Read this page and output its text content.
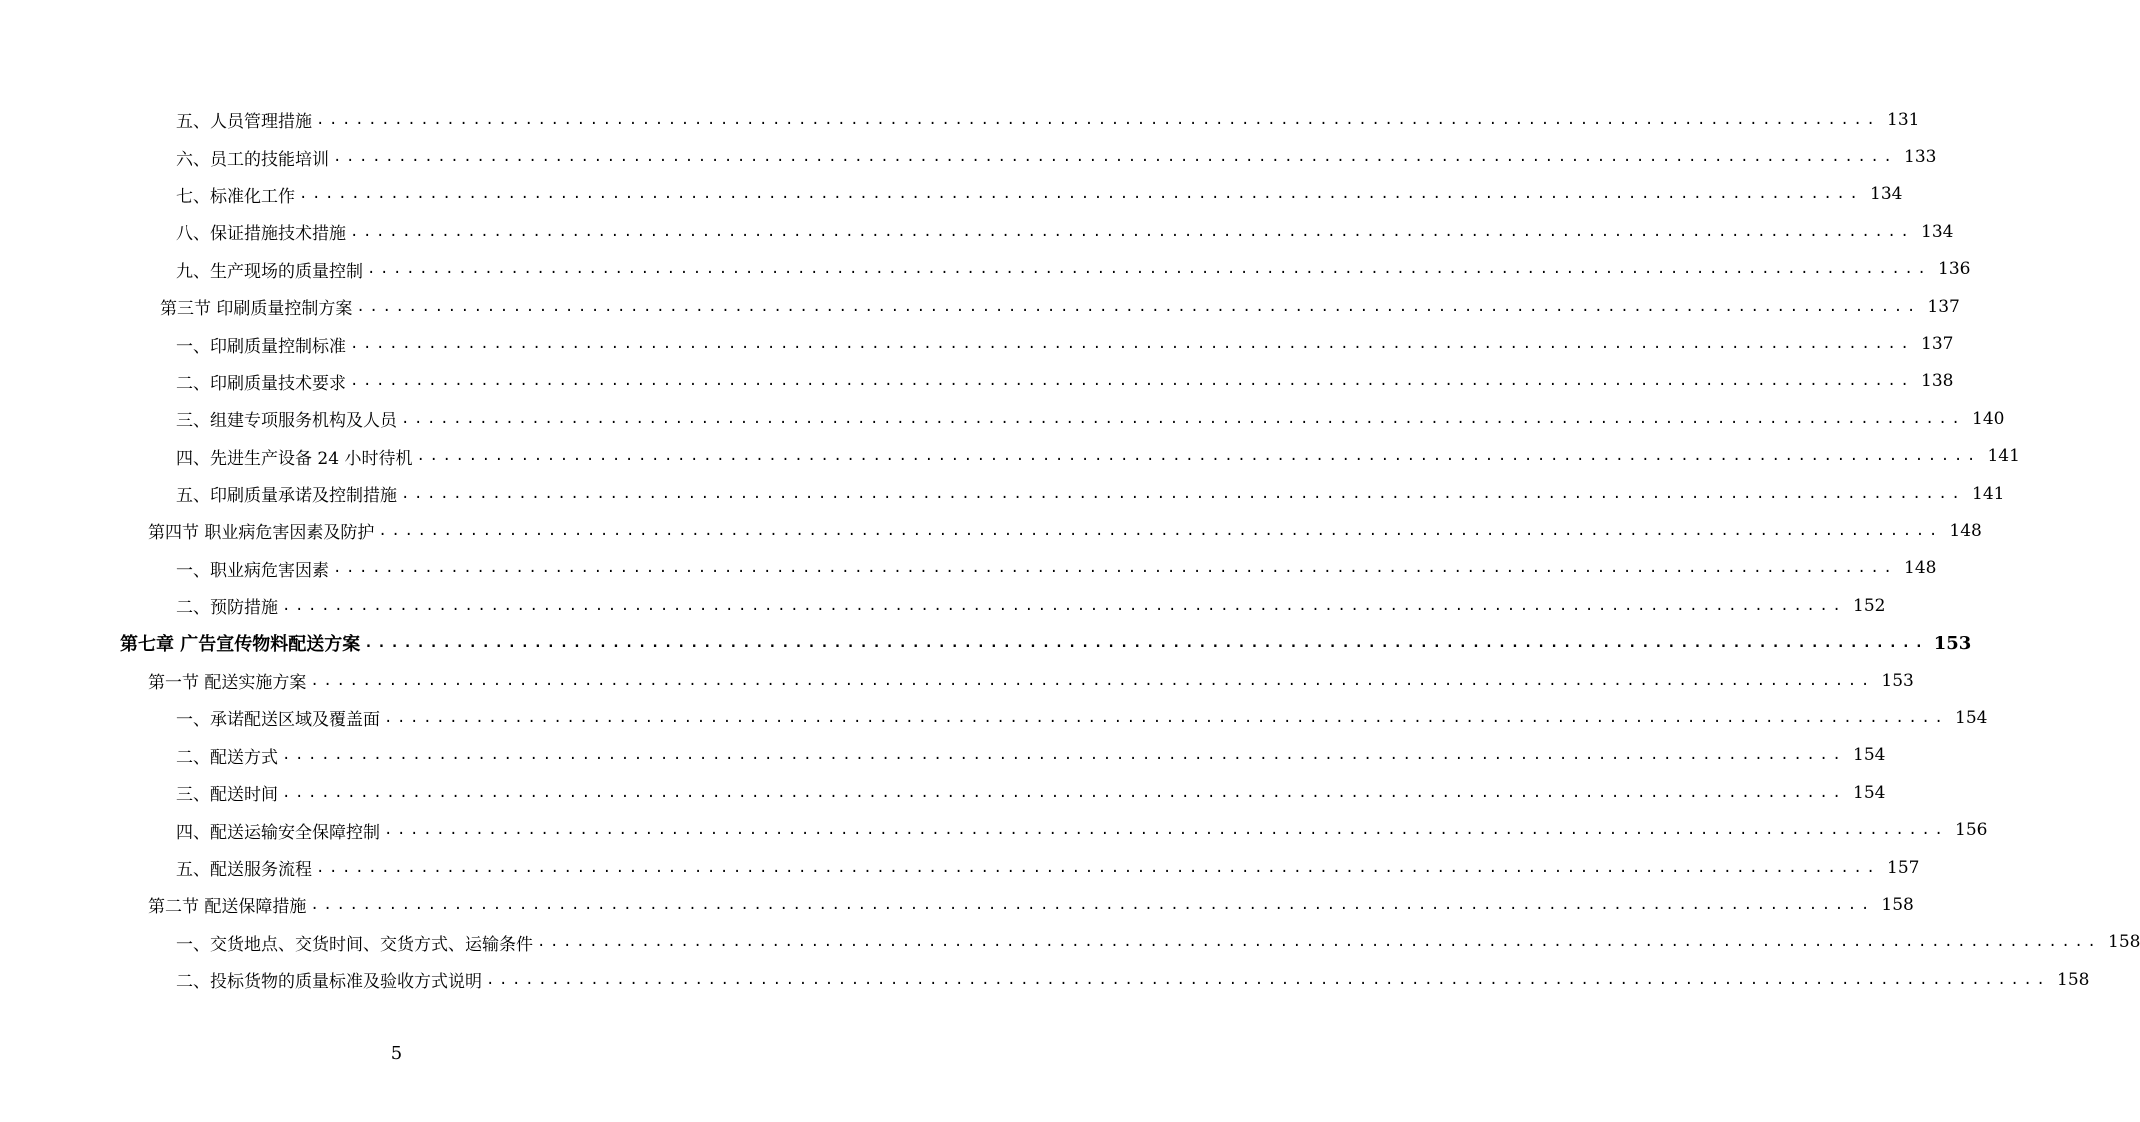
五、人员管理措施 ........................................................................................................................ 131
六、员工的技能培训 ........................................................................................................................ 133
七、标准化工作 ........................................................................................................................ 134
八、保证措施技术措施 ........................................................................................................................ 134
九、生产现场的质量控制 ........................................................................................................................ 136
第三节 印刷质量控制方案 ........................................................................................................................ 137
一、印刷质量控制标准 ........................................................................................................................ 137
二、印刷质量技术要求 ........................................................................................................................ 138
三、组建专项服务机构及人员 ........................................................................................................................ 140
四、先进生产设备 24 小时待机 ........................................................................................................................ 141
五、印刷质量承诺及控制措施 ........................................................................................................................ 141
第四节 职业病危害因素及防护 ........................................................................................................................ 148
一、职业病危害因素 ........................................................................................................................ 148
二、预防措施 ........................................................................................................................ 152
第七章 广告宣传物料配送方案 ........................................................................................................................ 153
第一节 配送实施方案 ........................................................................................................................ 153
一、承诺配送区域及覆盖面 ........................................................................................................................ 154
二、配送方式 ........................................................................................................................ 154
三、配送时间 ........................................................................................................................ 154
四、配送运输安全保障控制 ........................................................................................................................ 156
五、配送服务流程 ........................................................................................................................ 157
第二节 配送保障措施 ........................................................................................................................ 158
一、交货地点、交货时间、交货方式、运输条件 ........................................................................................................................ 158
二、投标货物的质量标准及验收方式说明 ........................................................................................................................ 158
5
